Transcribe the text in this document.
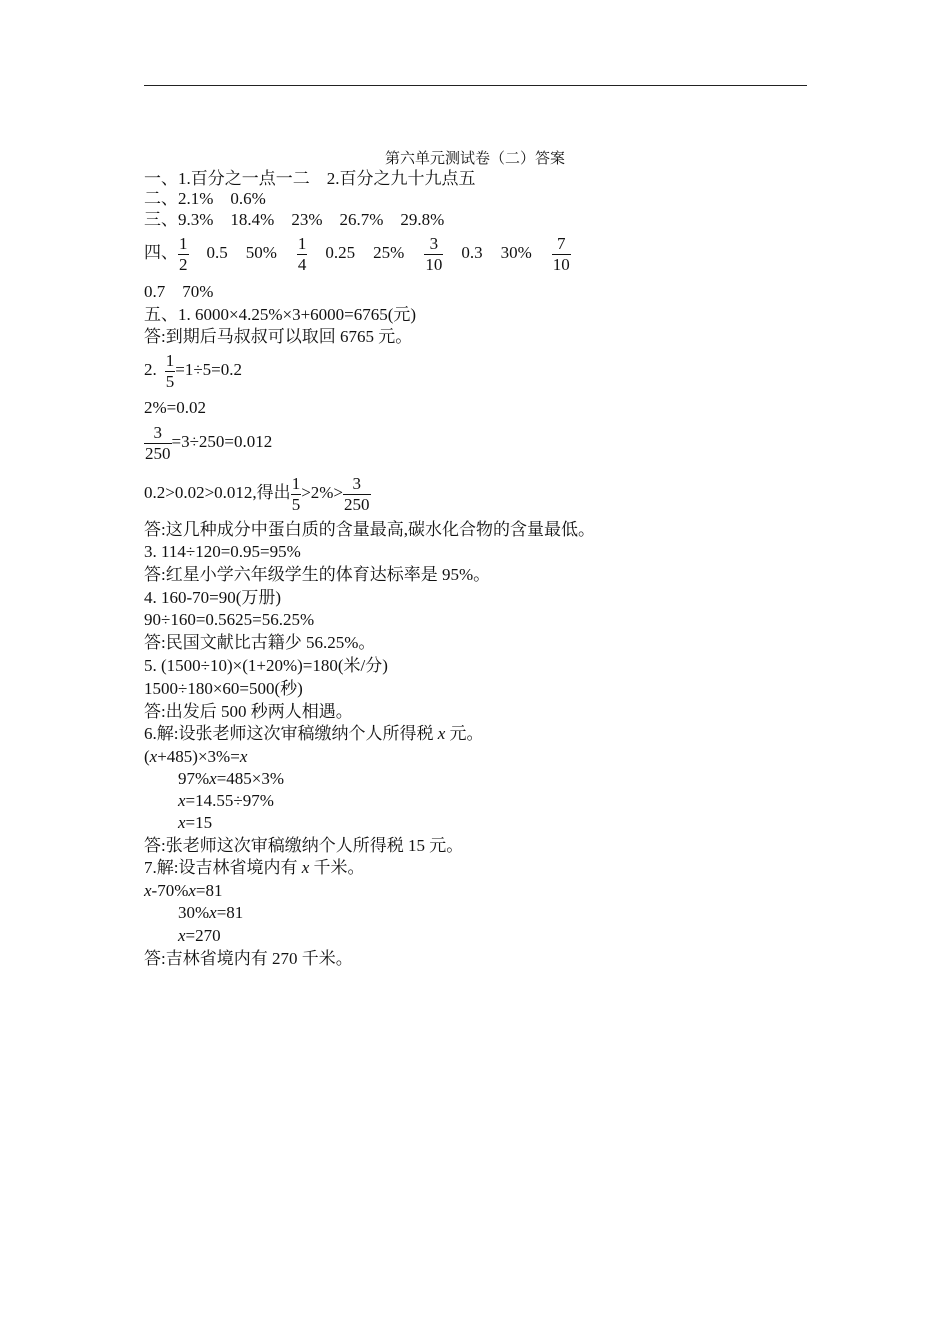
第六单元测试卷（二）答案
一、1.百分之一点一二　2.百分之九十九点五
二、2.1%　0.6%
三、9.3%　18.4%　23%　26.7%　29.8%
四、 $\frac{1}{2} 0.5$ $50\% \frac{1}{4} 0.25$ $25\% \frac{3}{10} 0.3$ $30\% \frac{7}{10}$
0.7　70%
五、1. 6000×4.25%×3+6000=6765(元)
答:到期后马叔叔可以取回 6765 元。
2. $\frac{1}{5} =1\div 5=0.2$
2%=0.02
$\frac{3}{250} =3\div 250=0.012$
0.2>0.02>0.012,得出 $\frac{1}{5} >2\%> \frac{3}{250}$
答:这几种成分中蛋白质的含量最高,碳水化合物的含量最低。
3. 114÷120=0.95=95%
答:红星小学六年级学生的体育达标率是 95%。
4. 160-70=90(万册)
90÷160=0.5625=56.25%
答:民国文献比古籍少 56.25%。
5. (1500÷10)×(1+20%)=180(米/分)
1500÷180×60=500(秒)
答:出发后 500 秒两人相遇。
6.解:设张老师这次审稿缴纳个人所得税 x 元。
(x+485)×3%=x
97%x=485×3%
x=14.55÷97%
x=15
答:张老师这次审稿缴纳个人所得税 15 元。
7.解:设吉林省境内有 x 千米。
x-70%x=81
30%x=81
x=270
答:吉林省境内有 270 千米。
